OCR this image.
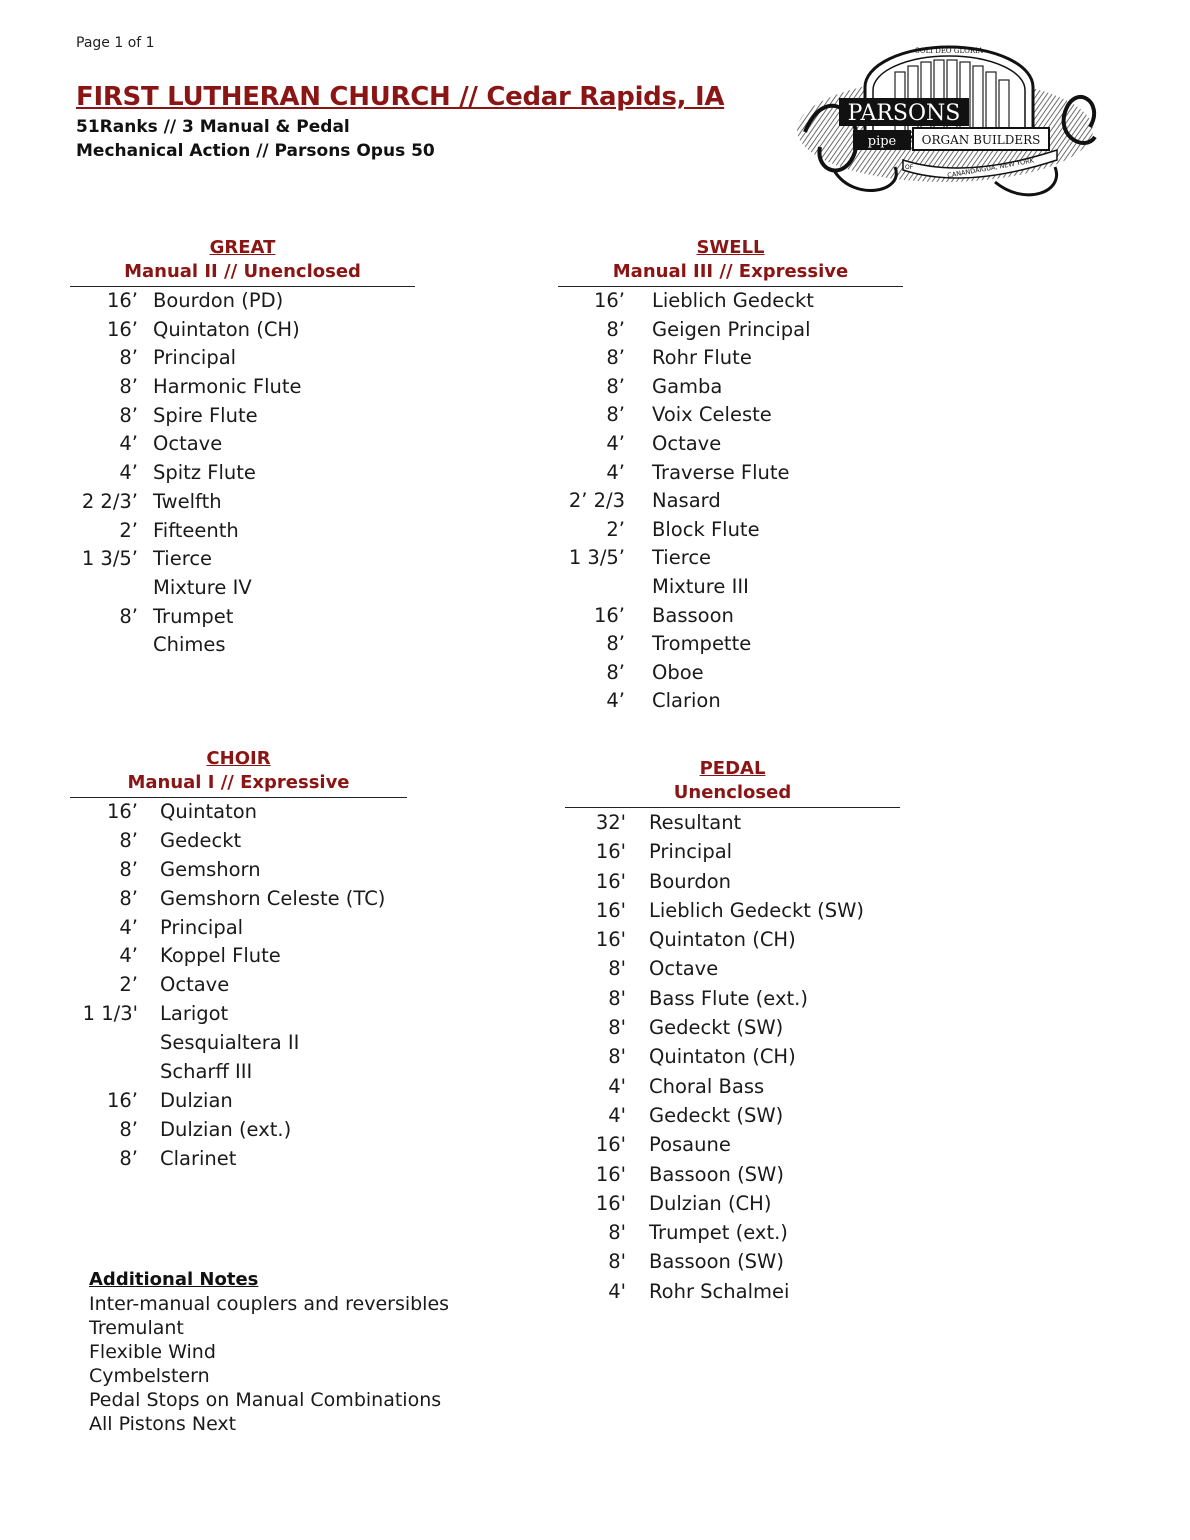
Page 1 of 1
FIRST LUTHERAN CHURCH // Cedar Rapids, IA
51Ranks // 3 Manual & Pedal
Mechanical Action // Parsons Opus 50
SOLI DEO GLORIA
PARSONS
pipe ORGAN BUILDERS
OF	CANANDAIGUA, NEW YORK
GREAT
Manual II // Unenclosed
16’ Bourdon (PD)
16’ Quintaton (CH)
8’ Principal
8’ Harmonic Flute
8’ Spire Flute
4’ Octave
4’ Spitz Flute
2 2/3’ Twelfth
2’ Fifteenth
1 3/5’ Tierce
Mixture IV
8’ Trumpet
Chimes
SWELL
Manual III // Expressive
16’ Lieblich Gedeckt
8’ Geigen Principal
8’ Rohr Flute
8’ Gamba
8’ Voix Celeste
4’ Octave
4’ Traverse Flute
2’ 2/3 Nasard
2’ Block Flute
1 3/5’ Tierce
Mixture III
16’ Bassoon
8’ Trompette
8’ Oboe
4’ Clarion
CHOIR
Manual I // Expressive
16’ Quintaton
8’ Gedeckt
8’ Gemshorn
8’ Gemshorn Celeste (TC)
4’ Principal
4’ Koppel Flute
2’ Octave
1 1/3' Larigot
Sesquialtera II
Scharff III
16’ Dulzian
8’ Dulzian (ext.)
8’ Clarinet
PEDAL
Unenclosed
32' Resultant
16' Principal
16' Bourdon
16' Lieblich Gedeckt (SW)
16' Quintaton (CH)
8' Octave
8' Bass Flute (ext.)
8' Gedeckt (SW)
8' Quintaton (CH)
4' Choral Bass
4' Gedeckt (SW)
16' Posaune
16' Bassoon (SW)
16' Dulzian (CH)
8' Trumpet (ext.)
8' Bassoon (SW)
4' Rohr Schalmei
Additional Notes
Inter-manual couplers and reversibles
Tremulant
Flexible Wind
Cymbelstern
Pedal Stops on Manual Combinations
All Pistons Next
